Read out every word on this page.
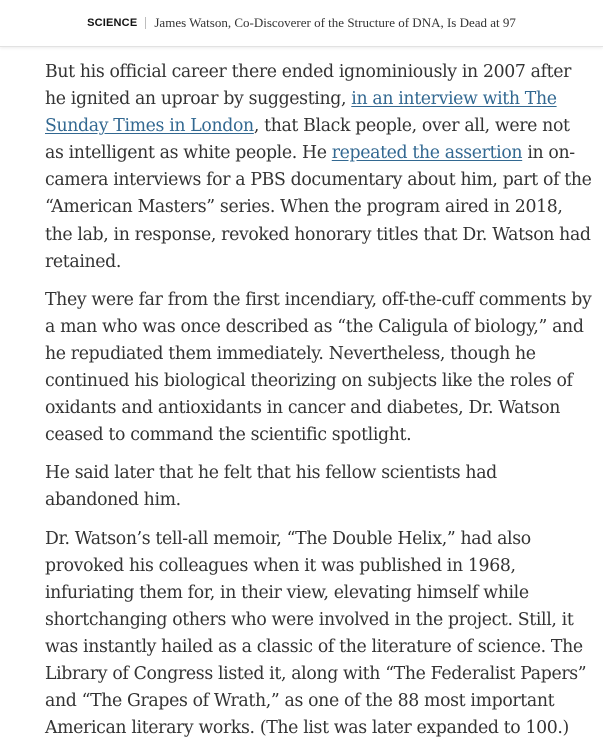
SCIENCE James Watson, Co-Discoverer of the Structure of DNA, Is Dead at 97

But his official career there ended ignominiously in 2007 after he ignited an uproar by suggesting, in an interview with The Sunday Times in London, that Black people, over all, were not as intelligent as white people. He repeated the assertion in on-camera interviews for a PBS documentary about him, part of the “American Masters” series. When the program aired in 2018, the lab, in response, revoked honorary titles that Dr. Watson had retained.

They were far from the first incendiary, off-the-cuff comments by a man who was once described as “the Caligula of biology,” and he repudiated them immediately. Nevertheless, though he continued his biological theorizing on subjects like the roles of oxidants and antioxidants in cancer and diabetes, Dr. Watson ceased to command the scientific spotlight.

He said later that he felt that his fellow scientists had abandoned him.

Dr. Watson’s tell-all memoir, “The Double Helix,” had also provoked his colleagues when it was published in 1968, infuriating them for, in their view, elevating himself while shortchanging others who were involved in the project. Still, it was instantly hailed as a classic of the literature of science. The Library of Congress listed it, along with “The Federalist Papers” and “The Grapes of Wrath,” as one of the 88 most important American literary works. (The list was later expanded to 100.)
